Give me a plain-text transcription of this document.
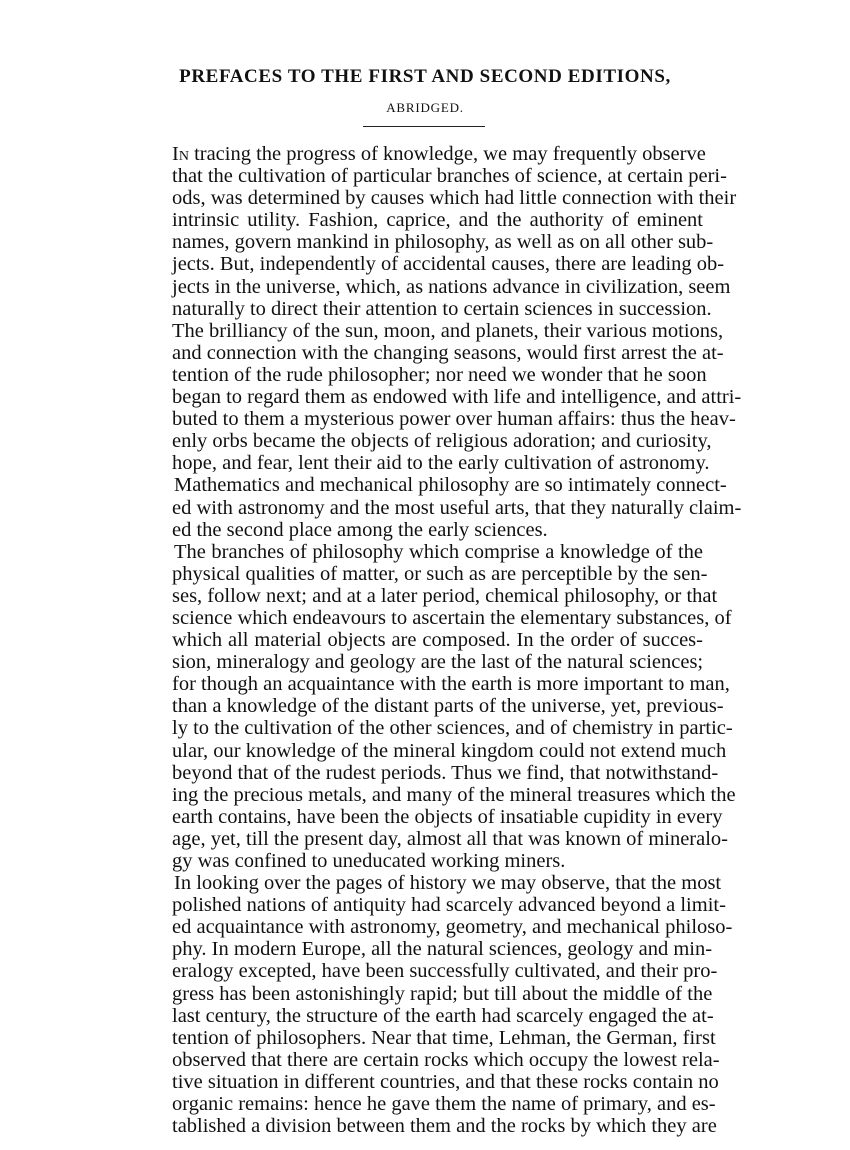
PREFACES TO THE FIRST AND SECOND EDITIONS,
ABRIDGED.
In tracing the progress of knowledge, we may frequently observe
that the cultivation of particular branches of science, at certain peri-
ods, was determined by causes which had little connection with their
intrinsic utility. Fashion, caprice, and the authority of eminent
names, govern mankind in philosophy, as well as on all other sub-
jects. But, independently of accidental causes, there are leading ob-
jects in the universe, which, as nations advance in civilization, seem
naturally to direct their attention to certain sciences in succession.
The brilliancy of the sun, moon, and planets, their various motions,
and connection with the changing seasons, would first arrest the at-
tention of the rude philosopher; nor need we wonder that he soon
began to regard them as endowed with life and intelligence, and attri-
buted to them a mysterious power over human affairs: thus the heav-
enly orbs became the objects of religious adoration; and curiosity,
hope, and fear, lent their aid to the early cultivation of astronomy.
Mathematics and mechanical philosophy are so intimately connect-
ed with astronomy and the most useful arts, that they naturally claim-
ed the second place among the early sciences.
The branches of philosophy which comprise a knowledge of the
physical qualities of matter, or such as are perceptible by the sen-
ses, follow next; and at a later period, chemical philosophy, or that
science which endeavours to ascertain the elementary substances, of
which all material objects are composed. In the order of succes-
sion, mineralogy and geology are the last of the natural sciences;
for though an acquaintance with the earth is more important to man,
than a knowledge of the distant parts of the universe, yet, previous-
ly to the cultivation of the other sciences, and of chemistry in partic-
ular, our knowledge of the mineral kingdom could not extend much
beyond that of the rudest periods. Thus we find, that notwithstand-
ing the precious metals, and many of the mineral treasures which the
earth contains, have been the objects of insatiable cupidity in every
age, yet, till the present day, almost all that was known of mineralo-
gy was confined to uneducated working miners.
In looking over the pages of history we may observe, that the most
polished nations of antiquity had scarcely advanced beyond a limit-
ed acquaintance with astronomy, geometry, and mechanical philoso-
phy. In modern Europe, all the natural sciences, geology and min-
eralogy excepted, have been successfully cultivated, and their pro-
gress has been astonishingly rapid; but till about the middle of the
last century, the structure of the earth had scarcely engaged the at-
tention of philosophers. Near that time, Lehman, the German, first
observed that there are certain rocks which occupy the lowest rela-
tive situation in different countries, and that these rocks contain no
organic remains: hence he gave them the name of primary, and es-
tablished a division between them and the rocks by which they are
